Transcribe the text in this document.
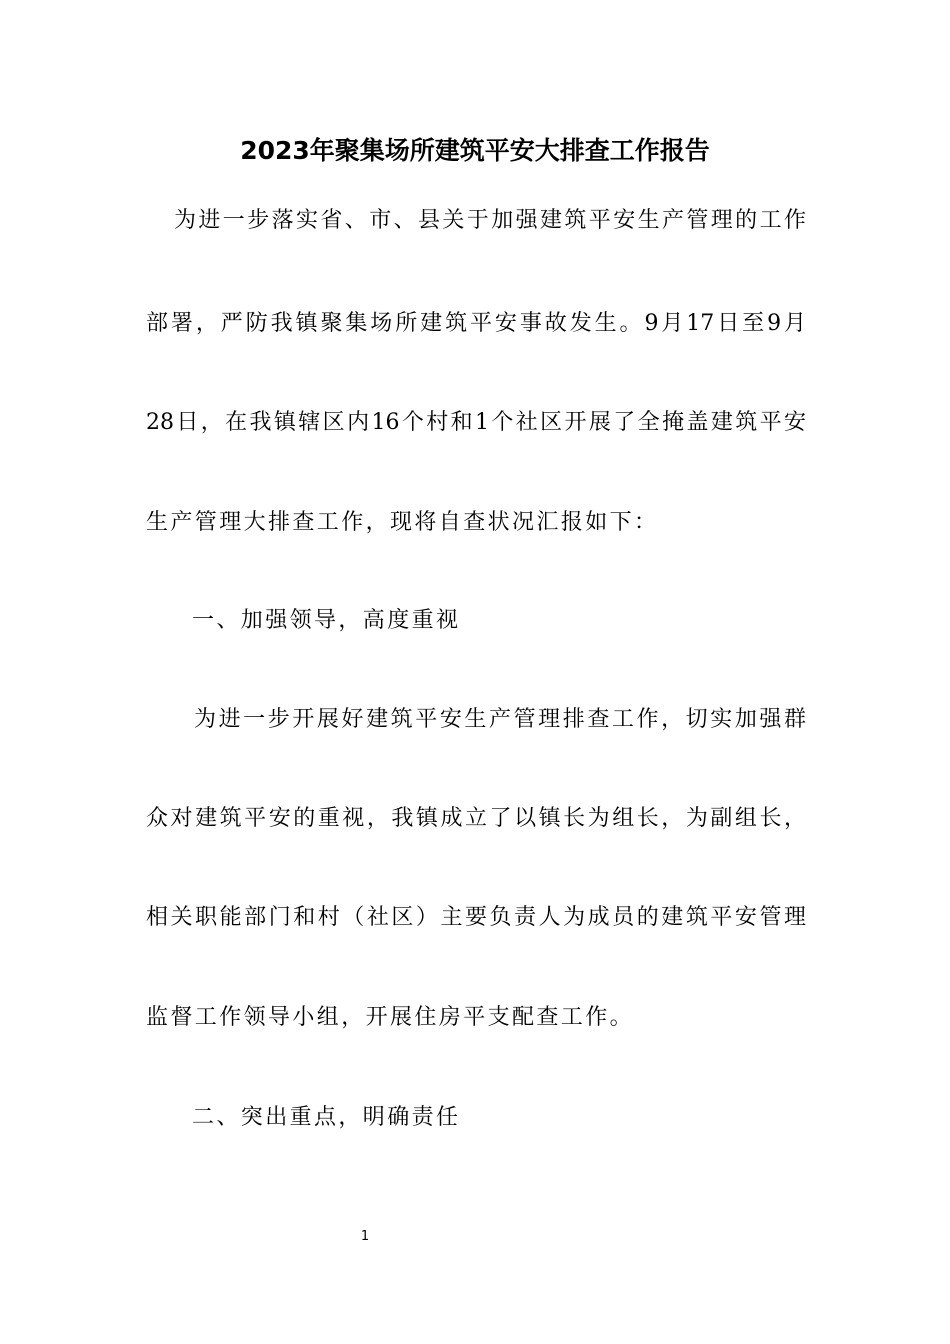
2023年聚集场所建筑平安大排查工作报告
为进一步落实省、市、县关于加强建筑平安生产管理的工作
部署，严防我镇聚集场所建筑平安事故发生。9月17日至9月
28日，在我镇辖区内16个村和1个社区开展了全掩盖建筑平安
生产管理大排查工作，现将自查状况汇报如下：
一、加强领导，高度重视
为进一步开展好建筑平安生产管理排查工作，切实加强群
众对建筑平安的重视，我镇成立了以镇长为组长，为副组长，
相关职能部门和村（社区）主要负责人为成员的建筑平安管理
监督工作领导小组，开展住房平支配查工作。
二、突出重点，明确责任
1
